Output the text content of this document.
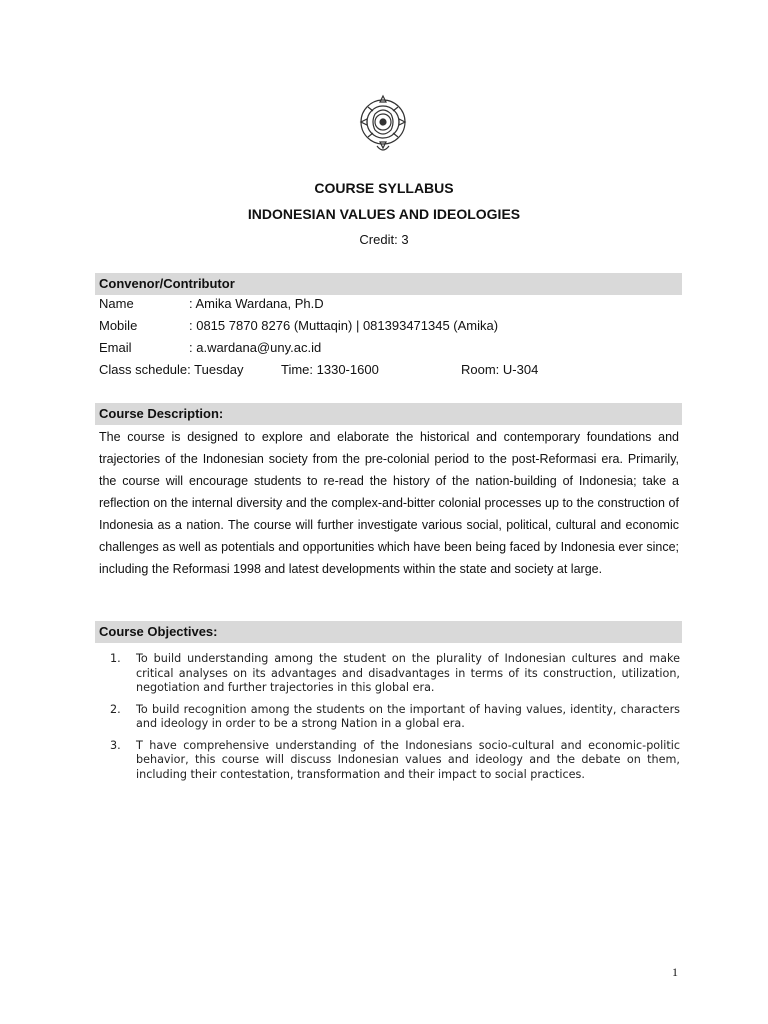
COURSE SYLLABUS
INDONESIAN VALUES AND IDEOLOGIES
Credit: 3
Convenor/Contributor
Name	: Amika Wardana, Ph.D
Mobile	: 0815 7870 8276 (Muttaqin) | 081393471345 (Amika)
Email	: a.wardana@uny.ac.id
Class schedule: Tuesday	Time: 1330-1600	Room: U-304
Course Description:
The course is designed to explore and elaborate the historical and contemporary foundations and trajectories of the Indonesian society from the pre-colonial period to the post-Reformasi era. Primarily, the course will encourage students to re-read the history of the nation-building of Indonesia; take a reflection on the internal diversity and the complex-and-bitter colonial processes up to the construction of Indonesia as a nation. The course will further investigate various social, political, cultural and economic challenges as well as potentials and opportunities which have been being faced by Indonesia ever since; including the Reformasi 1998 and latest developments within the state and society at large.
Course Objectives:
1. To build understanding among the student on the plurality of Indonesian cultures and make critical analyses on its advantages and disadvantages in terms of its construction, utilization, negotiation and further trajectories in this global era.
2. To build recognition among the students on the important of having values, identity, characters and ideology in order to be a strong Nation in a global era.
3. T have comprehensive understanding of the Indonesians socio-cultural and economic-politic behavior, this course will discuss Indonesian values and ideology and the debate on them, including their contestation, transformation and their impact to social practices.
1
